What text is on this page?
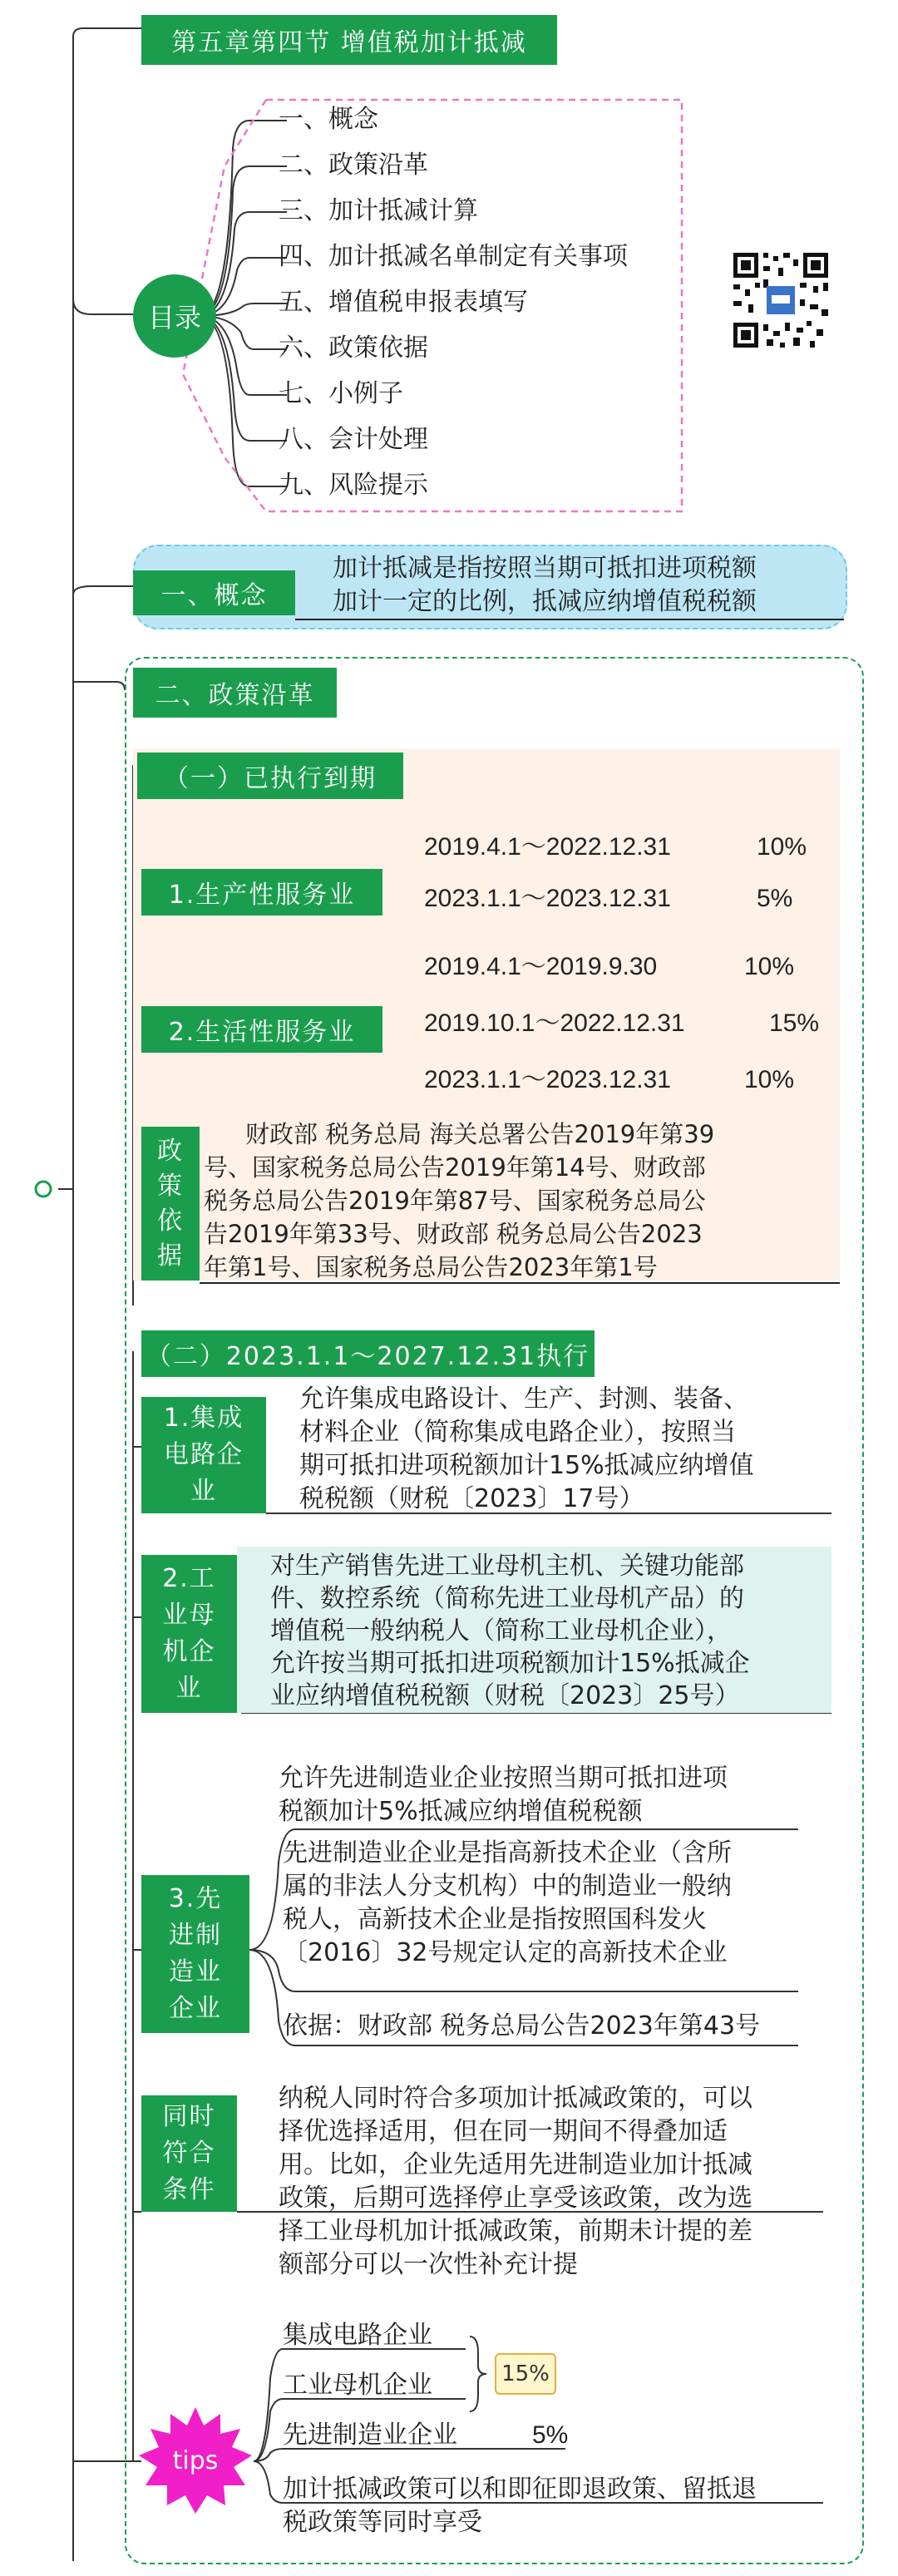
第五章第四节 增值税加计抵减
目录
一、概念
二、政策沿革
三、加计抵减计算
四、加计抵减名单制定有关事项
五、增值税申报表填写
六、政策依据
七、小例子
八、会计处理
九、风险提示
一、概念
加计抵减是指按照当期可抵扣进项税额
加计一定的比例，抵减应纳增值税税额
二、政策沿革
（一）已执行到期
1.生产性服务业
2019.4.1～2022.12.31	10%
2023.1.1～2023.12.31	5%
2.生活性服务业
2019.4.1～2019.9.30	10%
2019.10.1～2022.12.31	15%
2023.1.1～2023.12.31	10%
政
策
依
据
财政部 税务总局 海关总署公告2019年第39
号、国家税务总局公告2019年第14号、财政部
税务总局公告2019年第87号、国家税务总局公
告2019年第33号、财政部 税务总局公告2023
年第1号、国家税务总局公告2023年第1号
（二）2023.1.1～2027.12.31执行
1.集成
电路企
业
允许集成电路设计、生产、封测、装备、
材料企业（简称集成电路企业），按照当
期可抵扣进项税额加计15%抵减应纳增值
税税额（财税〔2023〕17号）
2.工
业母
机企
业
对生产销售先进工业母机主机、关键功能部
件、数控系统（简称先进工业母机产品）的
增值税一般纳税人（简称工业母机企业），
允许按当期可抵扣进项税额加计15%抵减企
业应纳增值税税额（财税〔2023〕25号）
3.先
进制
造业
企业
允许先进制造业企业按照当期可抵扣进项
税额加计5%抵减应纳增值税税额
先进制造业企业是指高新技术企业（含所
属的非法人分支机构）中的制造业一般纳
税人，高新技术企业是指按照国科发火
〔2016〕32号规定认定的高新技术企业
依据：财政部 税务总局公告2023年第43号
同时
符合
条件
纳税人同时符合多项加计抵减政策的，可以
择优选择适用，但在同一期间不得叠加适
用。比如，企业先适用先进制造业加计抵减
政策，后期可选择停止享受该政策，改为选
择工业母机加计抵减政策，前期未计提的差
额部分可以一次性补充计提
tips
集成电路企业
工业母机企业	15%
先进制造业企业	5%
加计抵减政策可以和即征即退政策、留抵退
税政策等同时享受
